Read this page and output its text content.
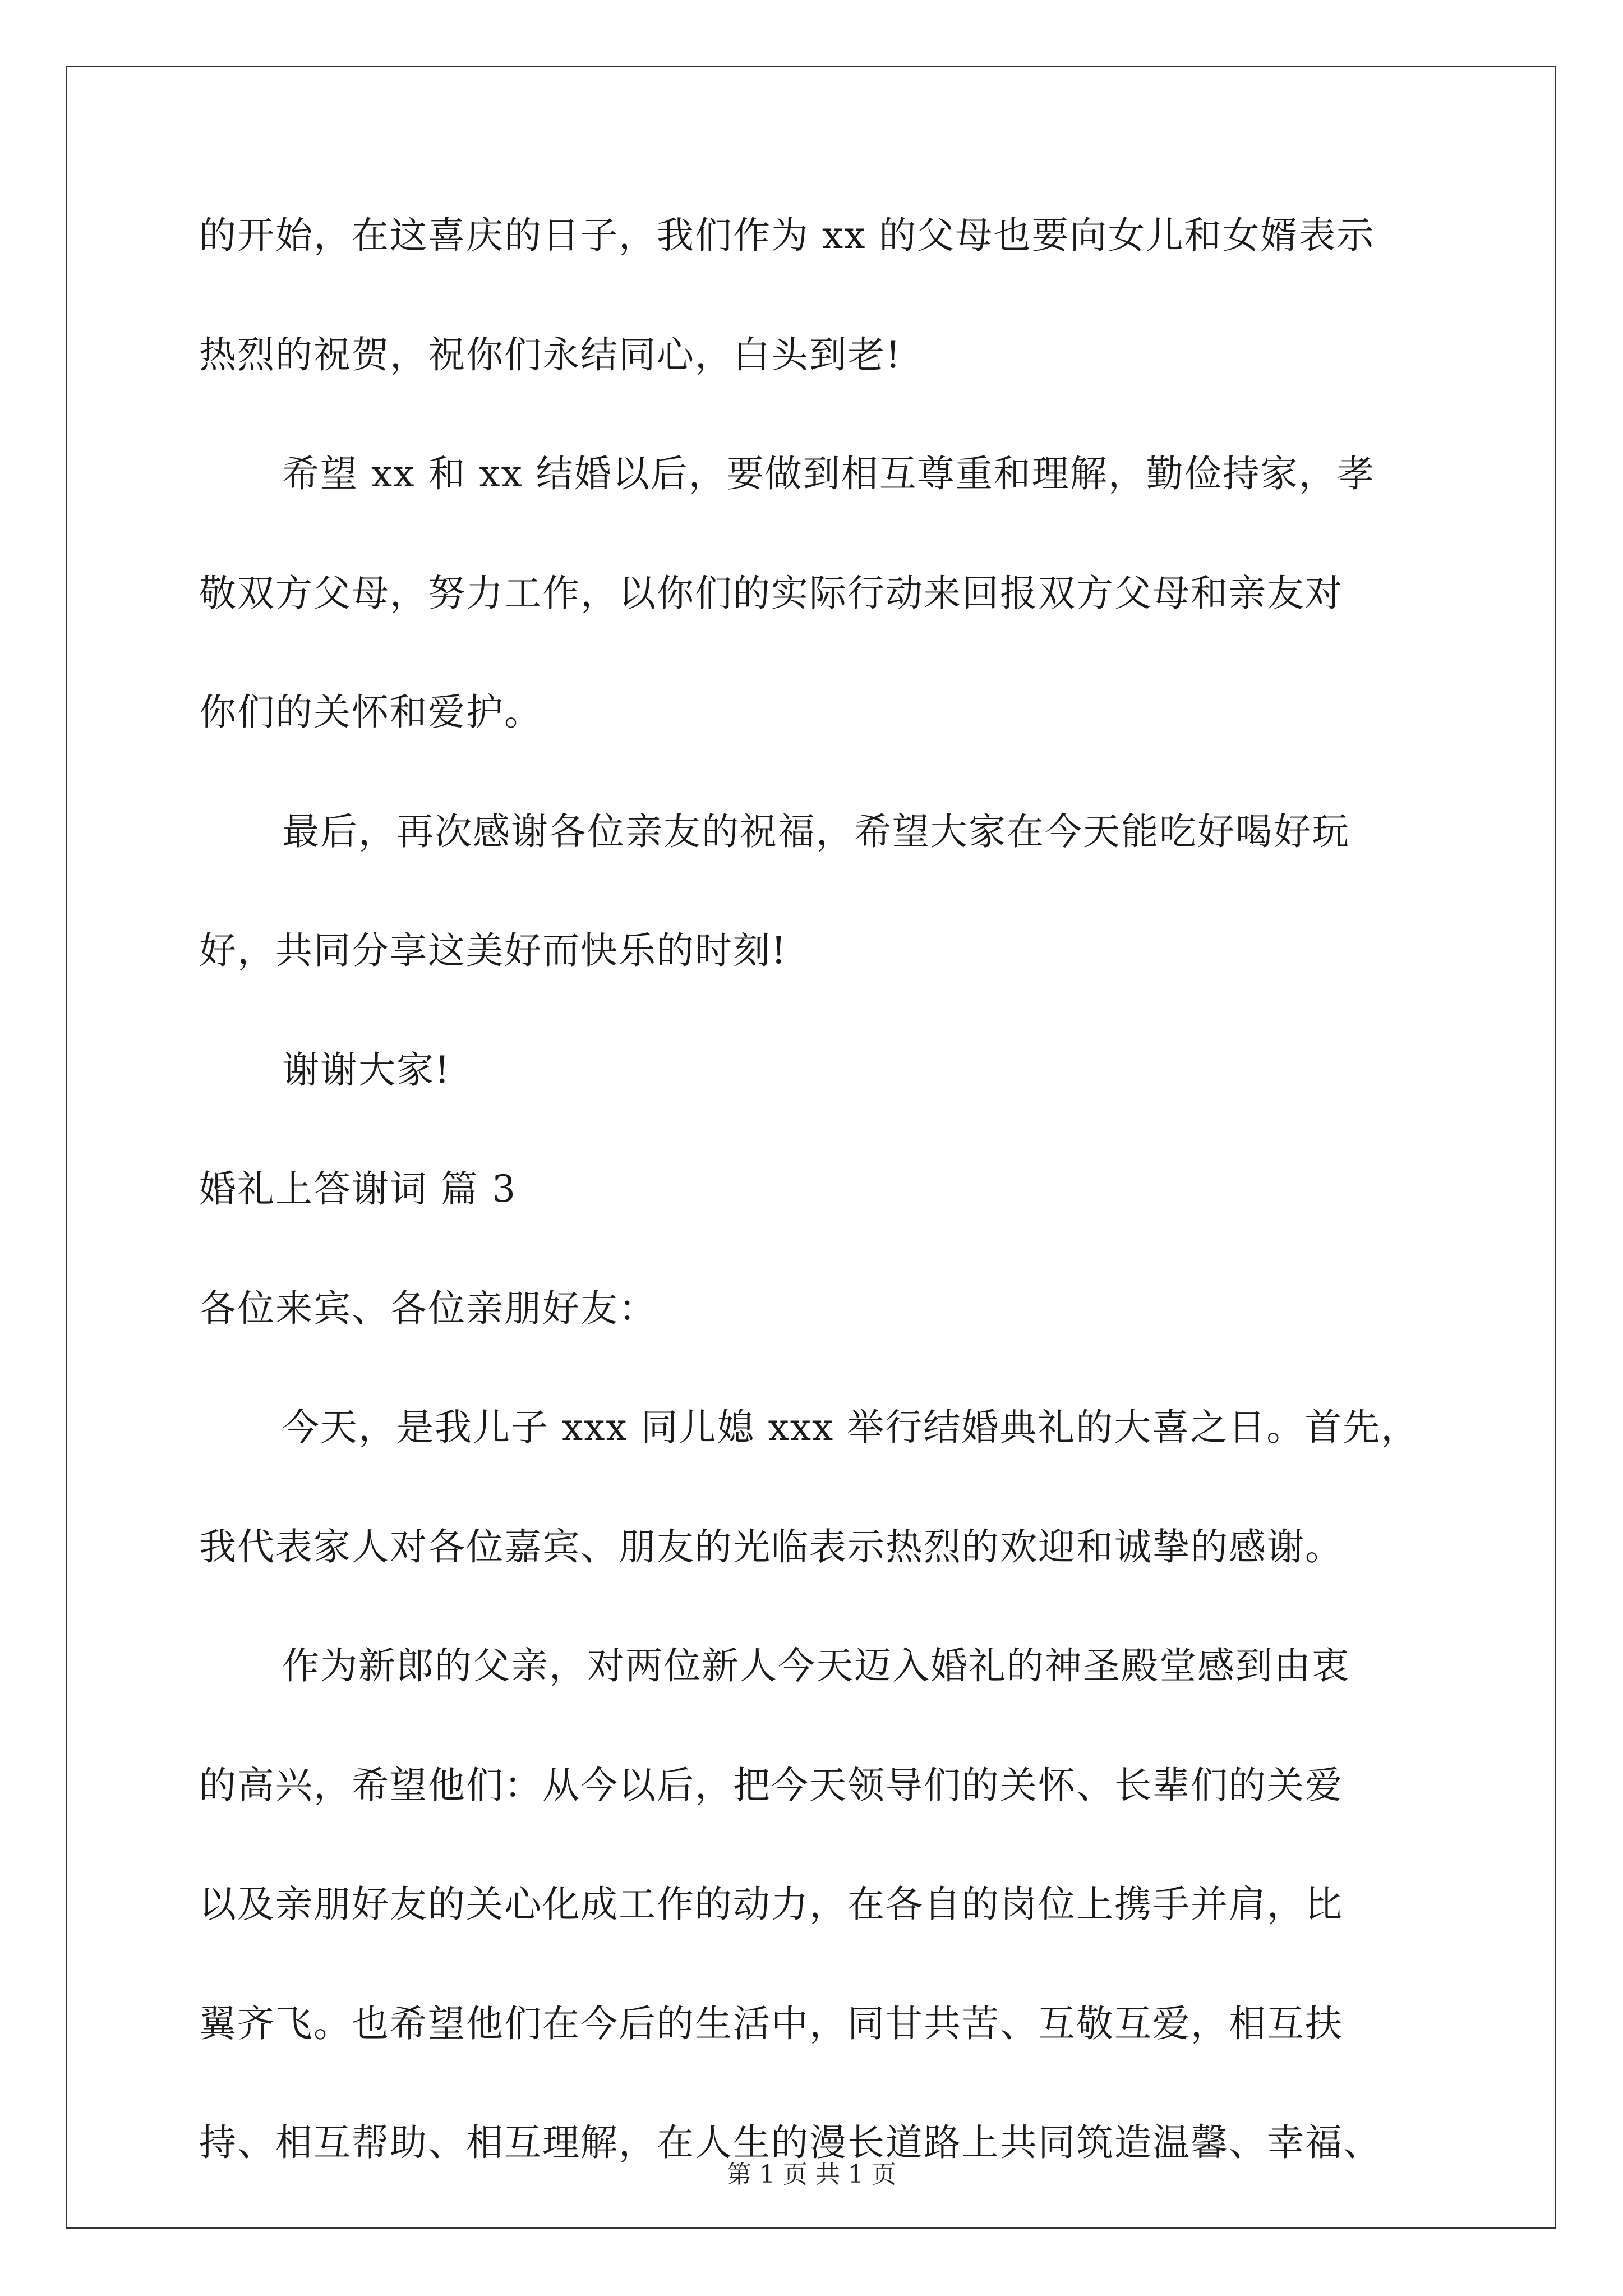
的开始，在这喜庆的日子，我们作为 xx 的父母也要向女儿和女婿表示
热烈的祝贺，祝你们永结同心，白头到老!
希望 xx 和 xx 结婚以后，要做到相互尊重和理解，勤俭持家，孝
敬双方父母，努力工作，以你们的实际行动来回报双方父母和亲友对
你们的关怀和爱护。
最后，再次感谢各位亲友的祝福，希望大家在今天能吃好喝好玩
好，共同分享这美好而快乐的时刻!
谢谢大家!
婚礼上答谢词 篇 3
各位来宾、各位亲朋好友：
今天，是我儿子 xxx 同儿媳 xxx 举行结婚典礼的大喜之日。首先，
我代表家人对各位嘉宾、朋友的光临表示热烈的欢迎和诚挚的感谢。
作为新郎的父亲，对两位新人今天迈入婚礼的神圣殿堂感到由衷
的高兴，希望他们：从今以后，把今天领导们的关怀、长辈们的关爱
以及亲朋好友的关心化成工作的动力，在各自的岗位上携手并肩，比
翼齐飞。也希望他们在今后的生活中，同甘共苦、互敬互爱，相互扶
持、相互帮助、相互理解，在人生的漫长道路上共同筑造温馨、幸福、
第 1 页 共 1 页
